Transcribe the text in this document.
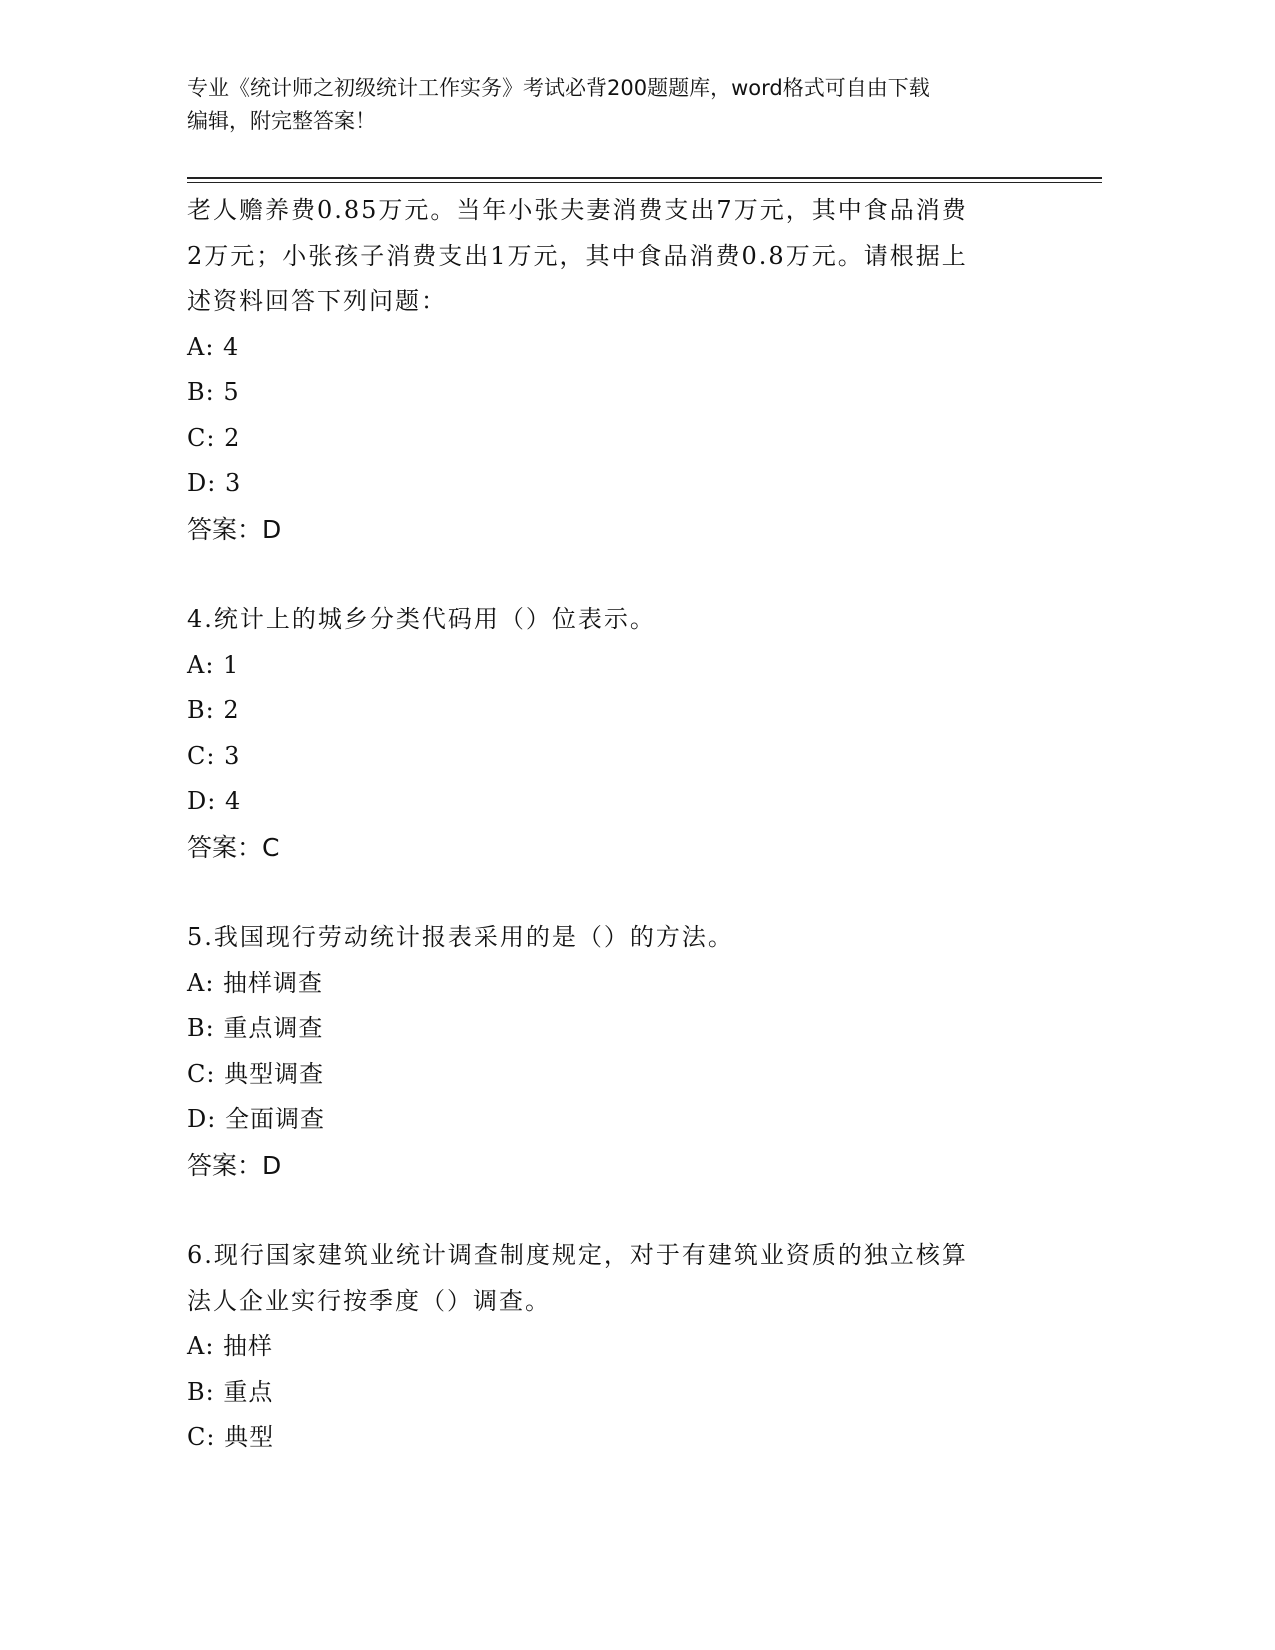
专业《统计师之初级统计工作实务》考试必背200题题库，word格式可自由下载
编辑，附完整答案！
老人赡养费0.85万元。当年小张夫妻消费支出7万元，其中食品消费
2万元；小张孩子消费支出1万元，其中食品消费0.8万元。请根据上
述资料回答下列问题：
A: 4
B: 5
C: 2
D: 3
答案：D
4.统计上的城乡分类代码用（）位表示。
A: 1
B: 2
C: 3
D: 4
答案：C
5.我国现行劳动统计报表采用的是（）的方法。
A: 抽样调查
B: 重点调查
C: 典型调查
D: 全面调查
答案：D
6.现行国家建筑业统计调查制度规定，对于有建筑业资质的独立核算
法人企业实行按季度（）调查。
A: 抽样
B: 重点
C: 典型
